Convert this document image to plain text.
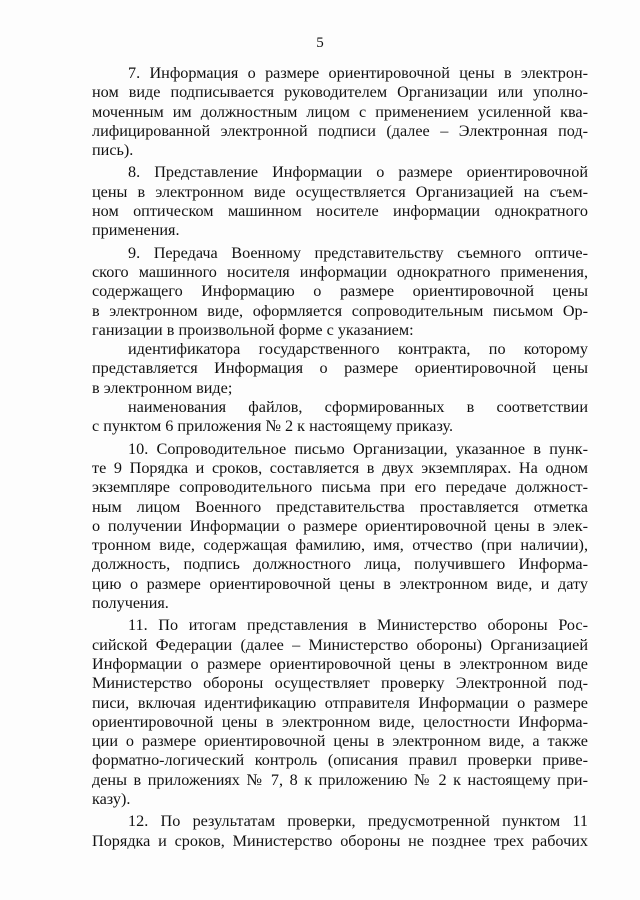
5
7. Информация о размере ориентировочной цены в электрон-
ном виде подписывается руководителем Организации или уполно-
моченным им должностным лицом с применением усиленной ква-
лифицированной электронной подписи (далее – Электронная под-
пись).
8. Представление Информации о размере ориентировочной
цены в электронном виде осуществляется Организацией на съем-
ном оптическом машинном носителе информации однократного
применения.
9. Передача Военному представительству съемного оптиче-
ского машинного носителя информации однократного применения,
содержащего Информацию о размере ориентировочной цены
в электронном виде, оформляется сопроводительным письмом Ор-
ганизации в произвольной форме с указанием:
идентификатора государственного контракта, по которому
представляется Информация о размере ориентировочной цены
в электронном виде;
наименования файлов, сформированных в соответствии
с пунктом 6 приложения № 2 к настоящему приказу.
10. Сопроводительное письмо Организации, указанное в пунк-
те 9 Порядка и сроков, составляется в двух экземплярах. На одном
экземпляре сопроводительного письма при его передаче должност-
ным лицом Военного представительства проставляется отметка
о получении Информации о размере ориентировочной цены в элек-
тронном виде, содержащая фамилию, имя, отчество (при наличии),
должность, подпись должностного лица, получившего Информа-
цию о размере ориентировочной цены в электронном виде, и дату
получения.
11. По итогам представления в Министерство обороны Рос-
сийской Федерации (далее – Министерство обороны) Организацией
Информации о размере ориентировочной цены в электронном виде
Министерство обороны осуществляет проверку Электронной под-
писи, включая идентификацию отправителя Информации о размере
ориентировочной цены в электронном виде, целостности Информа-
ции о размере ориентировочной цены в электронном виде, а также
форматно-логический контроль (описания правил проверки приве-
дены в приложениях № 7, 8 к приложению № 2 к настоящему при-
казу).
12. По результатам проверки, предусмотренной пунктом 11
Порядка и сроков, Министерство обороны не позднее трех рабочих
